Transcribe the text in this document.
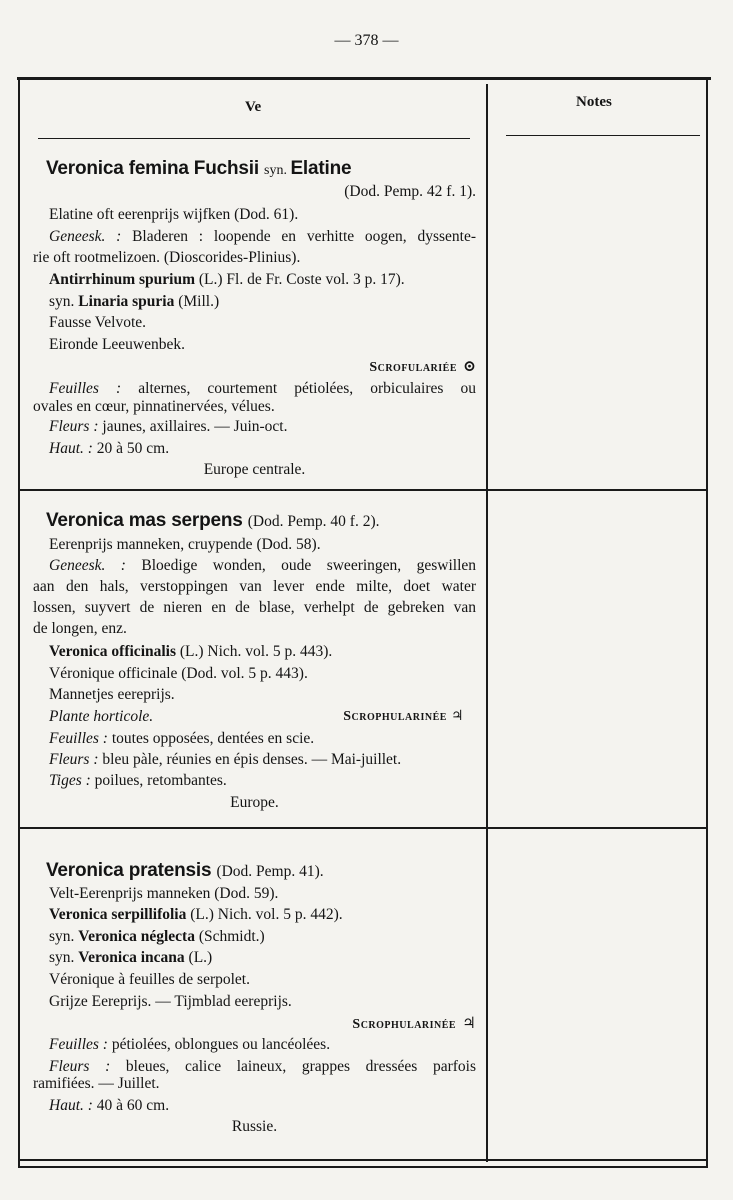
— 378 —
Ve	Notes
Veronica femina Fuchsii syn. Elatine
(Dod. Pemp. 42 f. 1).
Elatine oft eerenprijs wijfken (Dod. 61).
Geneesk. : Bladeren : loopende en verhitte oogen, dyssente-
rie oft rootmelizoen. (Dioscorides-Plinius).
Antirrhinum spurium (L.) Fl. de Fr. Coste vol. 3 p. 17).
syn. Linaria spuria (Mill.)
Fausse Velvote.
Eironde Leeuwenbek.
Scrofulariée ⊙
Feuilles : alternes, courtement pétiolées, orbiculaires ou
ovales en cœur, pinnatinervées, vélues.
Fleurs : jaunes, axillaires. — Juin-oct.
Haut. : 20 à 50 cm.
Europe centrale.
Veronica mas serpens (Dod. Pemp. 40 f. 2).
Eerenprijs manneken, cruypende (Dod. 58).
Geneesk. : Bloedige wonden, oude sweeringen, geswillen
aan den hals, verstoppingen van lever ende milte, doet water
lossen, suyvert de nieren en de blase, verhelpt de gebreken van
de longen, enz.
Veronica officinalis (L.) Nich. vol. 5 p. 443).
Véronique officinale (Dod. vol. 5 p. 443).
Mannetjes eereprijs.
Plante horticole.	Scrophularinée ♃
Feuilles : toutes opposées, dentées en scie.
Fleurs : bleu pàle, réunies en épis denses. — Mai-juillet.
Tiges : poilues, retombantes.
Europe.
Veronica pratensis (Dod. Pemp. 41).
Velt-Eerenprijs manneken (Dod. 59).
Veronica serpillifolia (L.) Nich. vol. 5 p. 442).
syn. Veronica néglecta (Schmidt.)
syn. Veronica incana (L.)
Véronique à feuilles de serpolet.
Grijze Eereprijs. — Tijmblad eereprijs.
Scrophularinée ♃
Feuilles : pétiolées, oblongues ou lancéolées.
Fleurs : bleues, calice laineux, grappes dressées parfois
ramifiées. — Juillet.
Haut. : 40 à 60 cm.
Russie.
